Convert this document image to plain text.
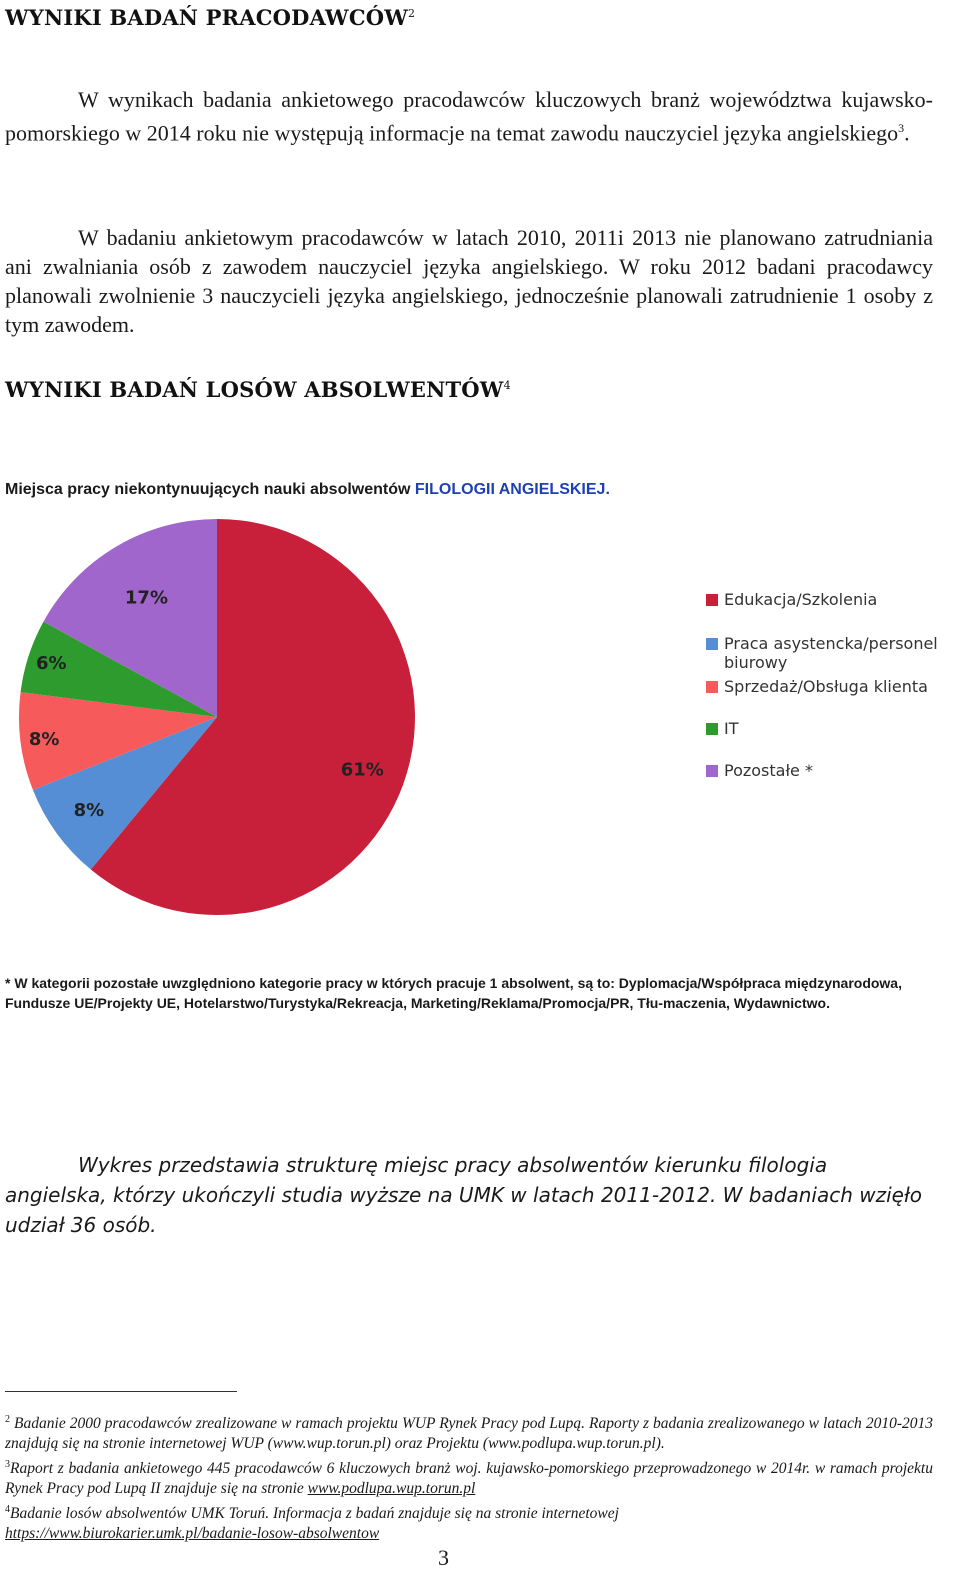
WYNIKI BADAŃ PRACODAWCÓW$^2$

W wynikach badania ankietowego pracodawców kluczowych branż województwa kujawsko-pomorskiego w 2014 roku nie występują informacje na temat zawodu nauczyciel języka angielskiego$^3$.

W badaniu ankietowym pracodawców w latach 2010, 2011i 2013 nie planowano zatrudniania ani zwalniania osób z zawodem nauczyciel języka angielskiego. W roku 2012 badani pracodawcy planowali zwolnienie 3 nauczycieli języka angielskiego, jednocześnie planowali zatrudnienie 1 osoby z tym zawodem.

WYNIKI BADAŃ LOSÓW ABSOLWENTÓW$^4$
Miejsca pracy niekontynuujących nauki absolwentów FILOLOGII ANGIELSKIEJ.
61%
8%
8%
6%
17%	Edukacja/Szkolenia
Praca asystencka/personel biurowy
Sprzedaż/Obsługa klienta
IT
Pozostałe *
* W kategorii pozostałe uwzględniono kategorie pracy w których pracuje 1 absolwent, są to: Dyplomacja/Współpraca międzynarodowa, Fundusze UE/Projekty UE, Hotelarstwo/Turystyka/Rekreacja, Marketing/Reklama/Promocja/PR, Tłu-maczenia, Wydawnictwo.

Wykres przedstawia strukturę miejsc pracy absolwentów kierunku filologia angielska, którzy ukończyli studia wyższe na UMK w latach 2011-2012. W badaniach wzięło udział 36 osób.

$^2$ Badanie 2000 pracodawców zrealizowane w ramach projektu WUP Rynek Pracy pod Lupą. Raporty z badania zrealizowanego w latach 2010-2013 znajdują się na stronie internetowej WUP (www.wup.torun.pl) oraz Projektu (www.podlupa.wup.torun.pl).

$^3$Raport z badania ankietowego 445 pracodawców 6 kluczowych branż woj. kujawsko-pomorskiego przeprowadzonego w 2014r. w ramach projektu Rynek Pracy pod Lupą II znajduje się na stronie www.podlupa.wup.torun.pl

$^4$Badanie losów absolwentów UMK Toruń. Informacja z badań znajduje się na stronie internetowej
https://www.biurokarier.umk.pl/badanie-losow-absolwentow

3
